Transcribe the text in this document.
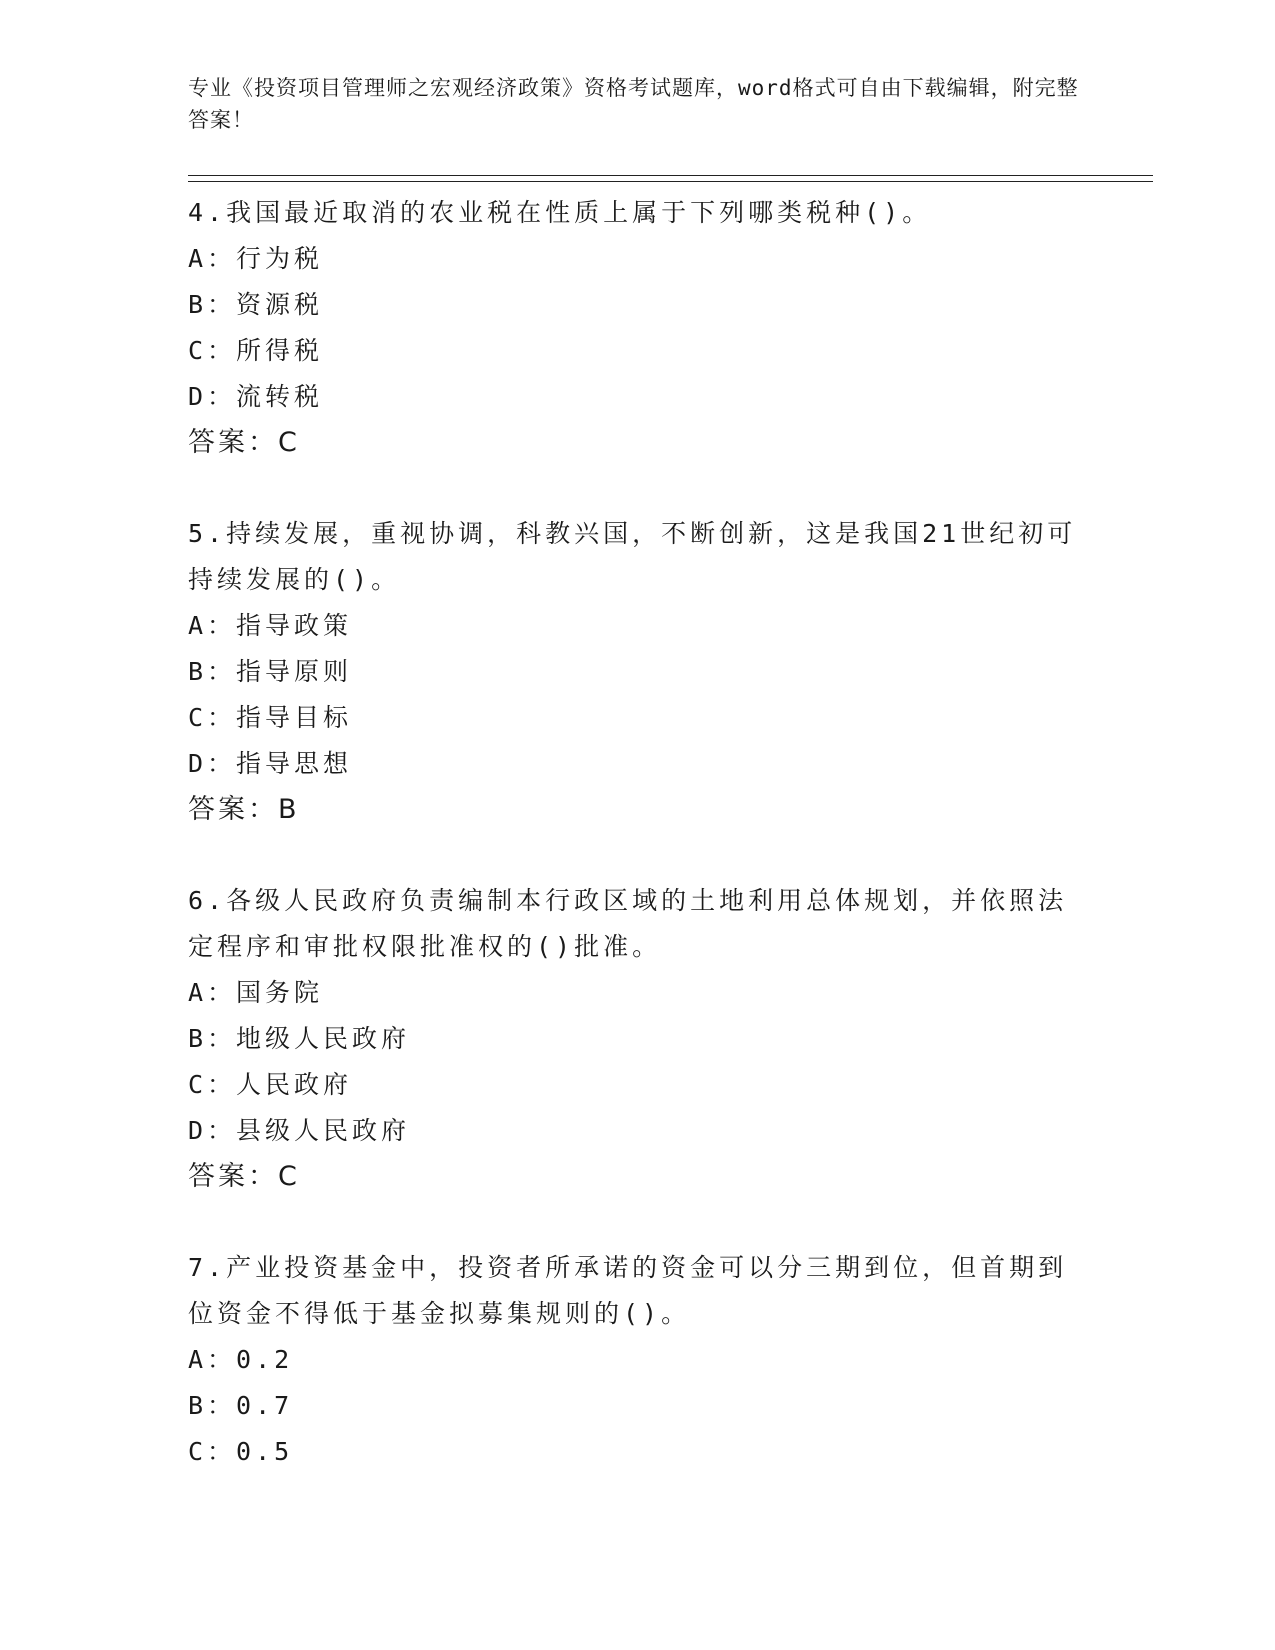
专业《投资项目管理师之宏观经济政策》资格考试题库，word格式可自由下载编辑，附完整答案！

4.我国最近取消的农业税在性质上属于下列哪类税种()。

A：行为税

B：资源税

C：所得税

D：流转税

答案：C

5.持续发展，重视协调，科教兴国，不断创新，这是我国21世纪初可持续发展的()。

A：指导政策

B：指导原则

C：指导目标

D：指导思想

答案：B

6.各级人民政府负责编制本行政区域的土地利用总体规划，并依照法定程序和审批权限批准权的()批准。

A：国务院

B：地级人民政府

C：人民政府

D：县级人民政府

答案：C

7.产业投资基金中，投资者所承诺的资金可以分三期到位，但首期到位资金不得低于基金拟募集规则的()。

A：0.2

B：0.7

C：0.5
